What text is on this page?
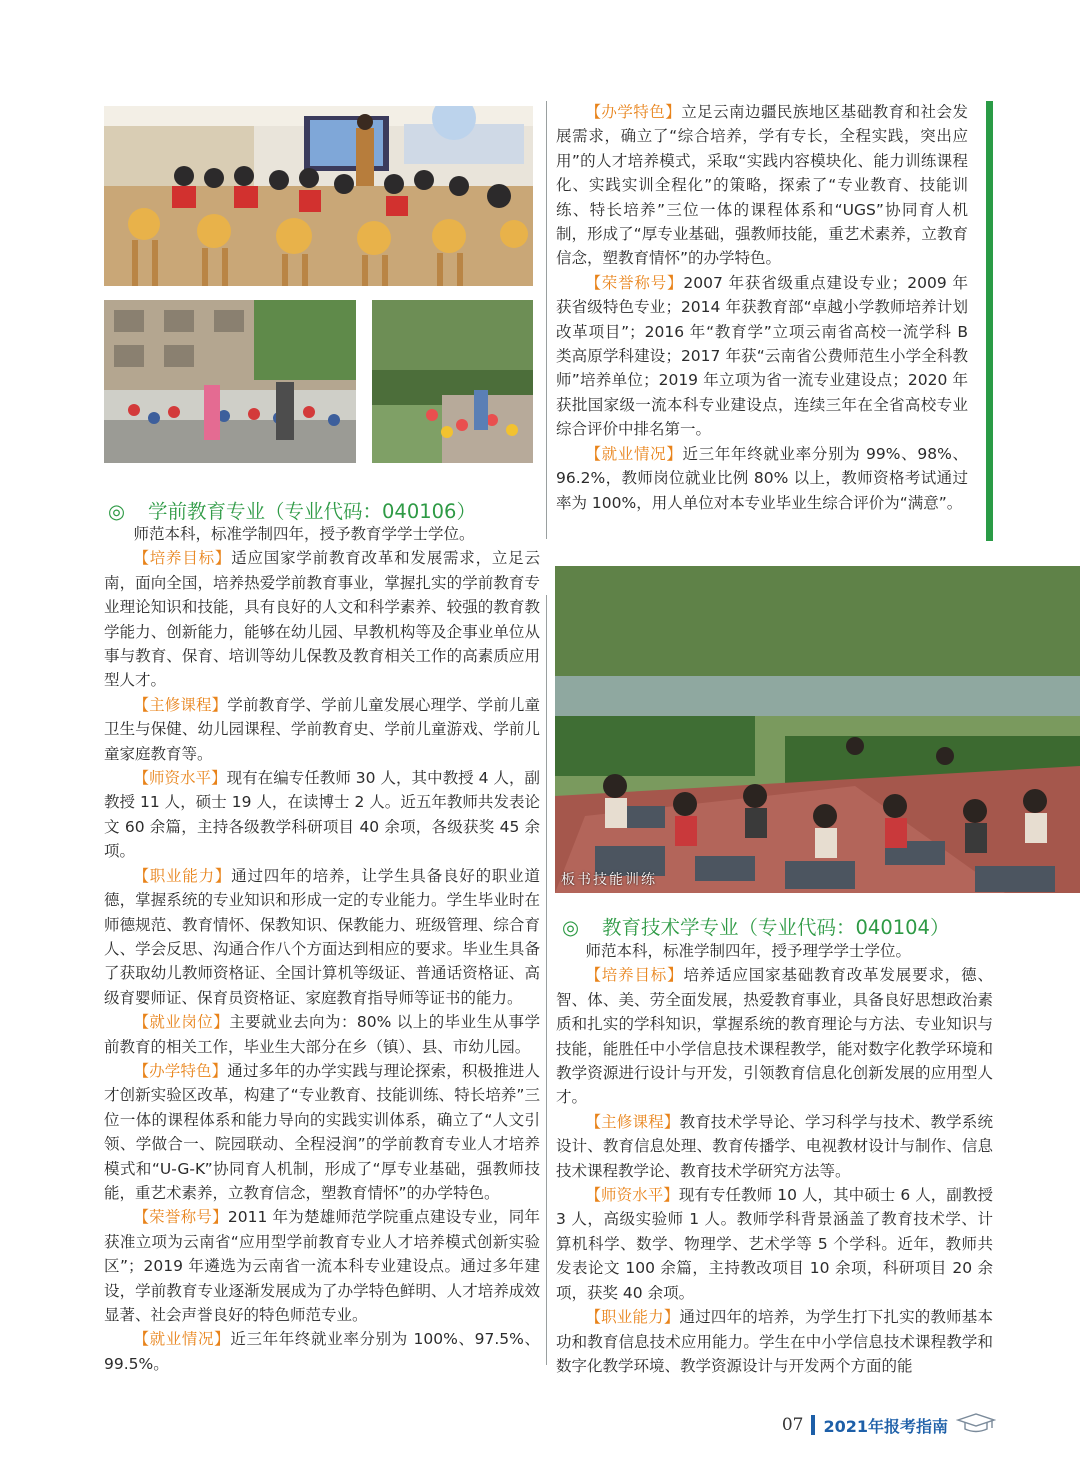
板书技能训练

【办学特色】立足云南边疆民族地区基础教育和社会发展需求，确立了“综合培养，学有专长，全程实践，突出应用”的人才培养模式，采取“实践内容模块化、能力训练课程化、实践实训全程化”的策略，探索了“专业教育、技能训练、特长培养”三位一体的课程体系和“UGS”协同育人机制，形成了“厚专业基础，强教师技能，重艺术素养，立教育信念，塑教育情怀”的办学特色。

【荣誉称号】2007 年获省级重点建设专业；2009 年获省级特色专业；2014 年获教育部“卓越小学教师培养计划改革项目”；2016 年“教育学”立项云南省高校一流学科 B 类高原学科建设；2017 年获“云南省公费师范生小学全科教师”培养单位；2019 年立项为省一流专业建设点；2020 年获批国家级一流本科专业建设点，连续三年在全省高校专业综合评价中排名第一。

【就业情况】近三年年终就业率分别为 99%、98%、96.2%，教师岗位就业比例 80% 以上，教师资格考试通过率为 100%，用人单位对本专业毕业生综合评价为“满意”。

◎ 学前教育专业（专业代码：040106）

师范本科，标准学制四年，授予教育学学士学位。

【培养目标】适应国家学前教育改革和发展需求，立足云南，面向全国，培养热爱学前教育事业，掌握扎实的学前教育专业理论知识和技能，具有良好的人文和科学素养、较强的教育教学能力、创新能力，能够在幼儿园、早教机构等及企事业单位从事与教育、保育、培训等幼儿保教及教育相关工作的高素质应用型人才。

【主修课程】学前教育学、学前儿童发展心理学、学前儿童卫生与保健、幼儿园课程、学前教育史、学前儿童游戏、学前儿童家庭教育等。

【师资水平】现有在编专任教师 30 人，其中教授 4 人，副教授 11 人，硕士 19 人，在读博士 2 人。近五年教师共发表论文 60 余篇，主持各级教学科研项目 40 余项，各级获奖 45 余项。

【职业能力】通过四年的培养，让学生具备良好的职业道德，掌握系统的专业知识和形成一定的专业能力。学生毕业时在师德规范、教育情怀、保教知识、保教能力、班级管理、综合育人、学会反思、沟通合作八个方面达到相应的要求。毕业生具备了获取幼儿教师资格证、全国计算机等级证、普通话资格证、高级育婴师证、保育员资格证、家庭教育指导师等证书的能力。

【就业岗位】主要就业去向为：80% 以上的毕业生从事学前教育的相关工作，毕业生大部分在乡（镇）、县、市幼儿园。

【办学特色】通过多年的办学实践与理论探索，积极推进人才创新实验区改革，构建了“专业教育、技能训练、特长培养”三位一体的课程体系和能力导向的实践实训体系，确立了“人文引领、学做合一、院园联动、全程浸润”的学前教育专业人才培养模式和“U-G-K”协同育人机制，形成了“厚专业基础，强教师技能，重艺术素养，立教育信念，塑教育情怀”的办学特色。

【荣誉称号】2011 年为楚雄师范学院重点建设专业，同年获准立项为云南省“应用型学前教育专业人才培养模式创新实验区”；2019 年遴选为云南省一流本科专业建设点。通过多年建设，学前教育专业逐渐发展成为了办学特色鲜明、人才培养成效显著、社会声誉良好的特色师范专业。

【就业情况】近三年年终就业率分别为 100%、97.5%、99.5%。

◎ 教育技术学专业（专业代码：040104）

师范本科，标准学制四年，授予理学学士学位。

【培养目标】培养适应国家基础教育改革发展要求，德、智、体、美、劳全面发展，热爱教育事业，具备良好思想政治素质和扎实的学科知识，掌握系统的教育理论与方法、专业知识与技能，能胜任中小学信息技术课程教学，能对数字化教学环境和教学资源进行设计与开发，引领教育信息化创新发展的应用型人才。

【主修课程】教育技术学导论、学习科学与技术、教学系统设计、教育信息处理、教育传播学、电视教材设计与制作、信息技术课程教学论、教育技术学研究方法等。

【师资水平】现有专任教师 10 人，其中硕士 6 人，副教授 3 人，高级实验师 1 人。教师学科背景涵盖了教育技术学、计算机科学、数学、物理学、艺术学等 5 个学科。近年，教师共发表论文 100 余篇，主持教改项目 10 余项，科研项目 20 余项，获奖 40 余项。

【职业能力】通过四年的培养，为学生打下扎实的教师基本功和教育信息技术应用能力。学生在中小学信息技术课程教学和数字化教学环境、教学资源设计与开发两个方面的能

07 2021年报考指南
